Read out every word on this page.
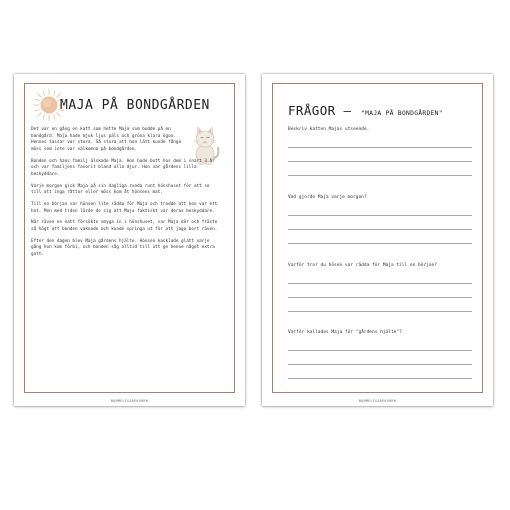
MAJA PÅ BONDGÅRDEN

Det var en gång en katt som hette Maja som bodde på en bondgård. Maja hade mjuk ljus päls och gröna klara ögon. Hennes tassar var stora. Så stora att hon lätt kunde fånga möss som inte var välkomna på bondgården.

Bonden och hans familj älskade Maja. Hon hade bott hos dem i snart 3 år och var familjens favorit bland alla djur. Hon var gårdens lilla beskyddare.

Varje morgon gick Maja på sin dagliga runda runt hönshuset för att se till att inga råttor eller möss kom åt hönsens mat.

Till en början var hönsen lite rädda för Maja och trodde att hon var ett hot. Men med tiden lärde de sig att Maja faktiskt var deras beskyddare.

När räven en natt försökte smyga in i hönshuset, var Maja där och fräste så högt att bonden vaknade och kunde springa ut för att jaga bort räven.

Efter den dagen blev Maja gårdens hjälte. Hönsen kacklade glatt varje gång hon kom förbi, och bonden såg alltid till att ge henne något extra gott.

MAMMELIGAREKORRM
FRÅGOR – "MAJA PÅ BONDGÅRDEN"
Beskriv katten Majas utseende.
Vad gjorde Maja varje morgon?
Varför tror du hösen var rädda för Maja till en början?
Varför kallades Maja för "gårdens hjälte"?
MAMMELIGAREKORRM
